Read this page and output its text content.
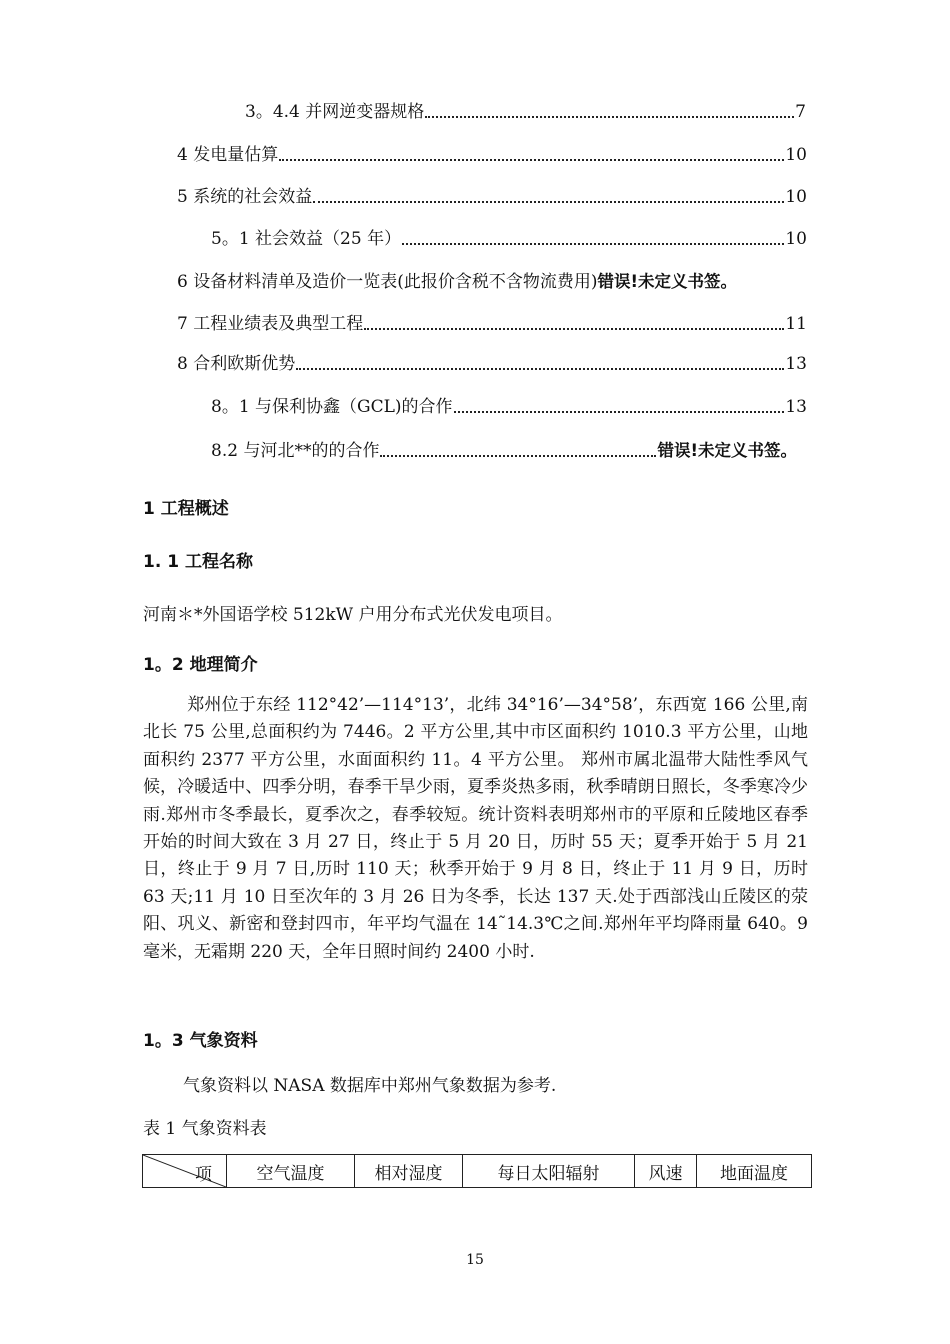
3。4.4 并网逆变器规格	7
4 发电量估算	10
5 系统的社会效益	10
5。1 社会效益（25 年）	10
6 设备材料清单及造价一览表(此报价含税不含物流费用) 错误!未定义书签。
7 工程业绩表及典型工程	11
8 合利欧斯优势	13
8。1 与保利协鑫（GCL)的合作	13
8.2 与河北**的的合作	错误!未定义书签。
1 工程概述
1. 1 工程名称
河南＊*外国语学校 512kW 户用分布式光伏发电项目。
1。2 地理简介
郑州位于东经 112°42’—114°13’，北纬 34°16’—34°58’，东西宽 166 公里,南北长 75 公里,总面积约为 7446。2 平方公里,其中市区面积约 1010.3 平方公里，山地面积约 2377 平方公里，水面面积约 11。4 平方公里。 郑州市属北温带大陆性季风气候，冷暖适中、四季分明，春季干旱少雨，夏季炎热多雨，秋季晴朗日照长，冬季寒冷少雨.郑州市冬季最长，夏季次之，春季较短。统计资料表明郑州市的平原和丘陵地区春季开始的时间大致在 3 月 27 日，终止于 5 月 20 日，历时 55 天；夏季开始于 5 月 21 日，终止于 9 月 7 日,历时 110 天；秋季开始于 9 月 8 日，终止于 11 月 9 日，历时 63 天;11 月 10 日至次年的 3 月 26 日为冬季，长达 137 天.处于西部浅山丘陵区的荥阳、巩义、新密和登封四市，年平均气温在 14˜14.3℃之间.郑州年平均降雨量 640。9 毫米，无霜期 220 天，全年日照时间约 2400 小时.
1。3 气象资料
气象资料以 NASA 数据库中郑州气象数据为参考.
表 1 气象资料表
项	空气温度	相对湿度	每日太阳辐射	风速	地面温度
15
